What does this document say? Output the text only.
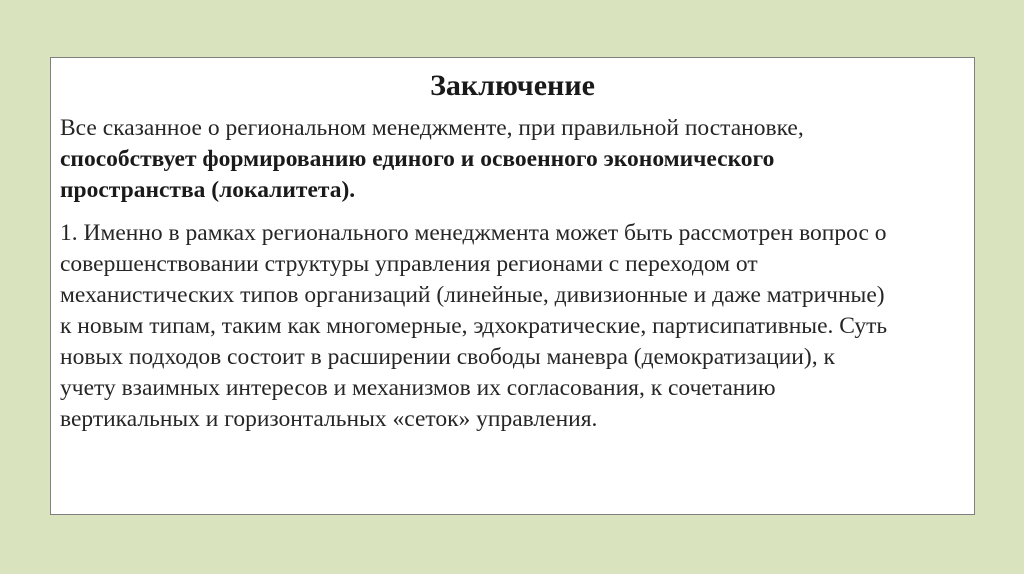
Заключение

Все сказанное о региональном менеджменте, при правильной постановке, способствует формированию единого и освоенного экономического пространства (локалитета).

1. Именно в рамках регионального менеджмента может быть рассмотрен вопрос о совершенствовании структуры управления регионами с переходом от механистических типов организаций (линейные, дивизионные и даже матричные) к новым типам, таким как многомерные, эдхократические, партисипативные. Суть новых подходов состоит в расширении свободы маневра (демократизации), к учету взаимных интересов и механизмов их согласования, к сочетанию вертикальных и горизонтальных «сеток» управления.
